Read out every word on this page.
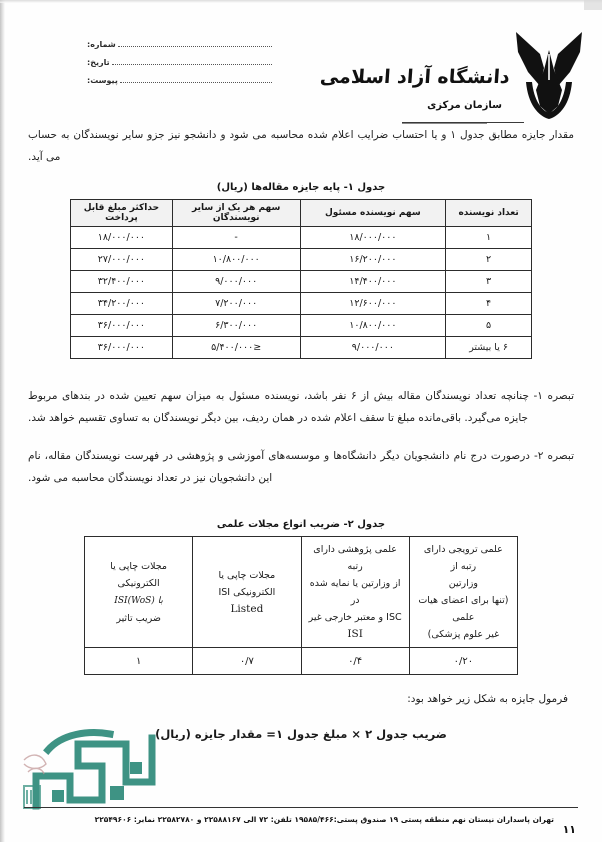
شماره:
تاریخ:
پیوست:	دانشگاه آزاد اسلامی
سازمان مرکزی

مقدار جایزه مطابق جدول ۱ و یا احتساب ضرایب اعلام شده محاسبه می شود و دانشجو نیز جزو سایر نویسندگان به حساب می آید.

جدول ۱- پایه جایزه مقاله‌ها (ریال)
تعداد نویسنده	سهم نویسنده مسئول	سهم هر یک از سایر نویسندگان	حداکثر مبلغ قابل پرداخت
۱	۱۸/۰۰۰/۰۰۰	-	۱۸/۰۰۰/۰۰۰
۲	۱۶/۲۰۰/۰۰۰	۱۰/۸۰۰/۰۰۰	۲۷/۰۰۰/۰۰۰
۳	۱۴/۴۰۰/۰۰۰	۹/۰۰۰/۰۰۰	۳۲/۴۰۰/۰۰۰
۴	۱۲/۶۰۰/۰۰۰	۷/۲۰۰/۰۰۰	۳۴/۲۰۰/۰۰۰
۵	۱۰/۸۰۰/۰۰۰	۶/۳۰۰/۰۰۰	۳۶/۰۰۰/۰۰۰
۶ یا بیشتر	۹/۰۰۰/۰۰۰	≤۵/۴۰۰/۰۰۰	۳۶/۰۰۰/۰۰۰

تبصره ۱- چنانچه تعداد نویسندگان مقاله بیش از ۶ نفر باشد، نویسنده مسئول به میزان سهم تعیین شده در بندهای مربوط جایزه می‌گیرد. باقی‌مانده مبلغ تا سقف اعلام شده در همان ردیف، بین دیگر نویسندگان به تساوی تقسیم خواهد شد.

تبصره ۲- درصورت درج نام دانشجویان دیگر دانشگاه‌ها و موسسه‌های آموزشی و پژوهشی در فهرست نویسندگان مقاله، نام این دانشجویان نیز در تعداد نویسندگان محاسبه می شود.

جدول ۲- ضریب انواع مجلات علمی
علمی ترویجی دارای رتبه از
وزارتین
(تنها برای اعضای هیات علمی
غیر علوم پزشکی)	علمی پژوهشی دارای رتبه
از وزارتین یا نمایه شده در
ISC و معتبر خارجی غیر
ISI	مجلات چاپی یا
الکترونیکی ISI
Listed	مجلات چاپی یا
الکترونیکی
با ISI(WoS)
ضریب تاثیر
۰/۲۰	۰/۴	۰/۷	۱
فرمول جایزه به شکل زیر خواهد بود:
ضریب جدول ۲ × مبلغ جدول ۱= مقدار جایزه (ریال)
تهران پاسداران نیستان نهم منطقه پستی ۱۹ صندوق پستی:۱۹۵۸۵/۴۶۶ تلفن: ۷۲ الی ۲۲۵۸۸۱۶۷ و ۲۲۵۸۲۷۸۰ نمابر: ۲۲۵۴۹۶۰۶
۱۱
